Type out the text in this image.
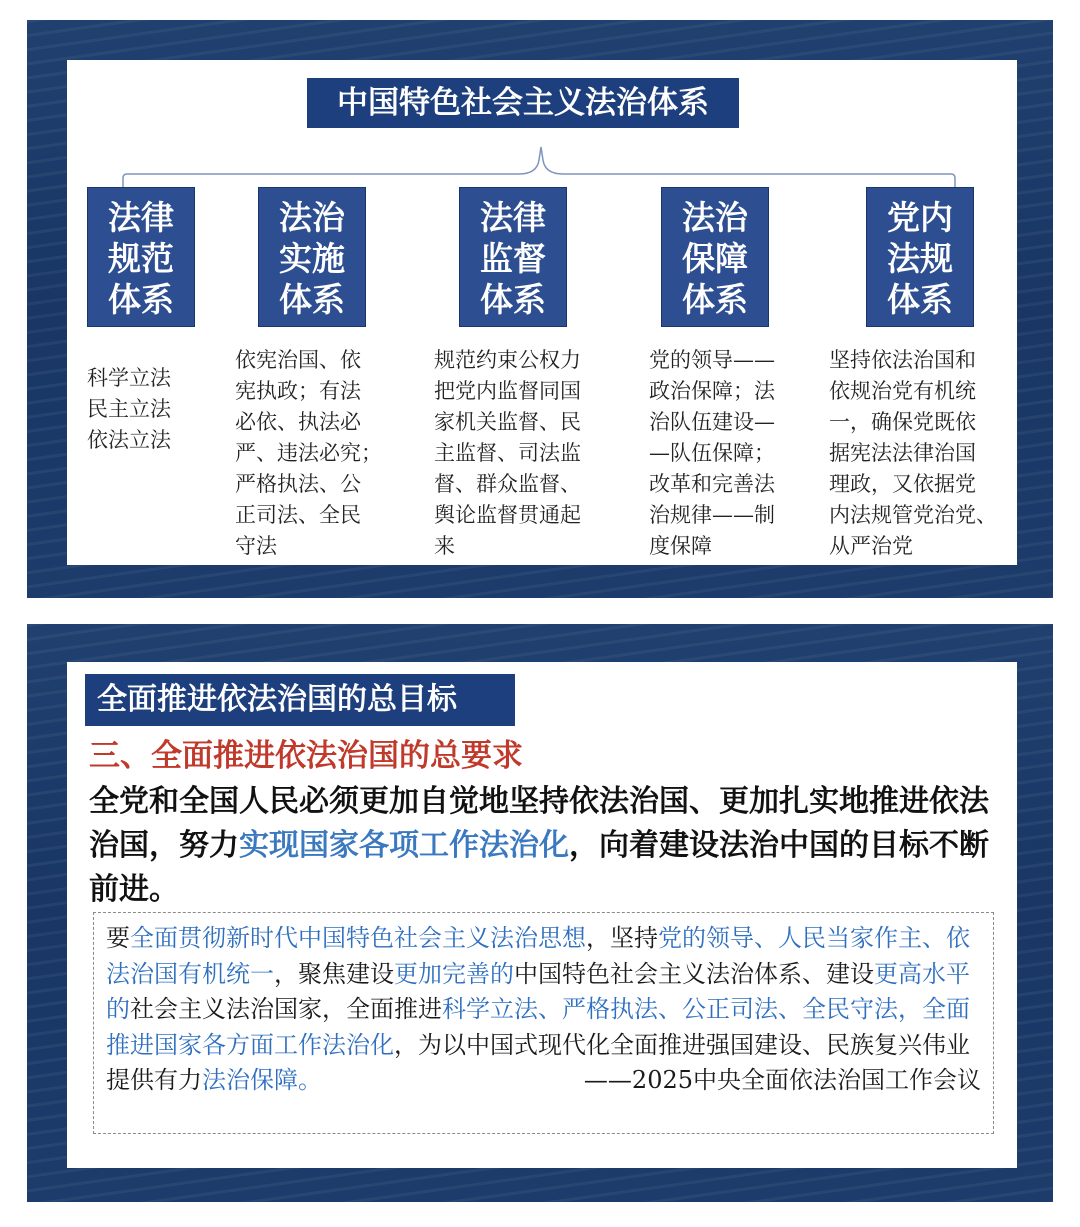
中国特色社会主义法治体系
法律
规范
体系
法治
实施
体系
法律
监督
体系
法治
保障
体系
党内
法规
体系
科学立法
民主立法
依法立法
依宪治国、依
宪执政；有法
必依、执法必
严、违法必究；
严格执法、公
正司法、全民
守法
规范约束公权力
把党内监督同国
家机关监督、民
主监督、司法监
督、群众监督、
舆论监督贯通起
来
党的领导——
政治保障；法
治队伍建设—
—队伍保障；
改革和完善法
治规律——制
度保障
坚持依法治国和
依规治党有机统
一，确保党既依
据宪法法律治国
理政，又依据党
内法规管党治党、
从严治党
全面推进依法治国的总目标
三、全面推进依法治国的总要求
全党和全国人民必须更加自觉地坚持依法治国、更加扎实地推进依法治国，努力实现国家各项工作法治化，向着建设法治中国的目标不断前进。
要全面贯彻新时代中国特色社会主义法治思想，坚持党的领导、人民当家作主、依法治国有机统一，聚焦建设更加完善的中国特色社会主义法治体系、建设更高水平的社会主义法治国家，全面推进科学立法、严格执法、公正司法、全民守法，全面推进国家各方面工作法治化，为以中国式现代化全面推进强国建设、民族复兴伟业提供有力法治保障。	——2025中央全面依法治国工作会议
